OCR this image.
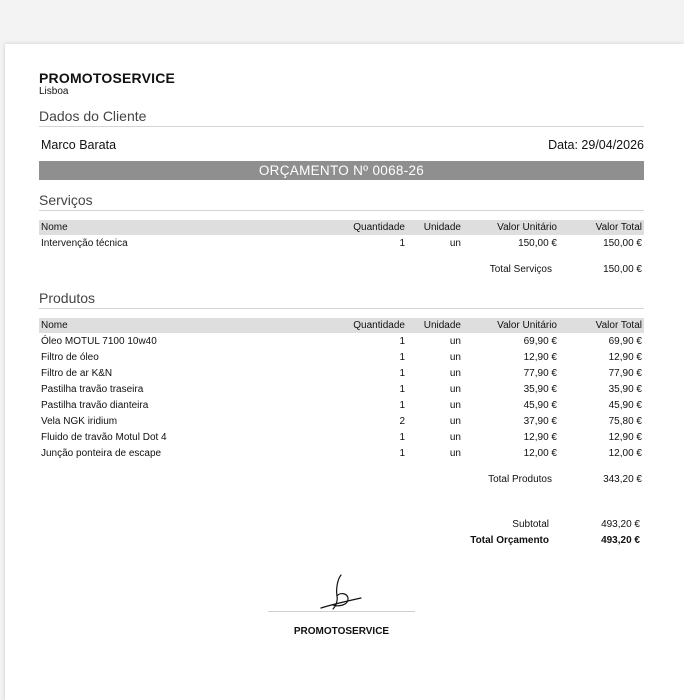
PROMOTOSERVICE
Lisboa
Dados do Cliente
Marco Barata	Data: 29/04/2026
ORÇAMENTO Nº 0068-26
Serviços
Nome	Quantidade Unidade	Valor Unitário	Valor Total
Intervenção técnica	1	un	150,00 €	150,00 €
Total Serviços	150,00 €
Produtos
Nome	Quantidade Unidade	Valor Unitário	Valor Total
Óleo MOTUL 7100 10w40	1	un	69,90 €	69,90 €
Filtro de óleo	1	un	12,90 €	12,90 €
Filtro de ar K&N	1	un	77,90 €	77,90 €
Pastilha travão traseira	1	un	35,90 €	35,90 €
Pastilha travão dianteira	1	un	45,90 €	45,90 €
Vela NGK iridium	2	un	37,90 €	75,80 €
Fluido de travão Motul Dot 4	1	un	12,90 €	12,90 €
Junção ponteira de escape	1	un	12,00 €	12,00 €
Total Produtos	343,20 €
Subtotal	493,20 €
Total Orçamento	493,20 €
PROMOTOSERVICE
